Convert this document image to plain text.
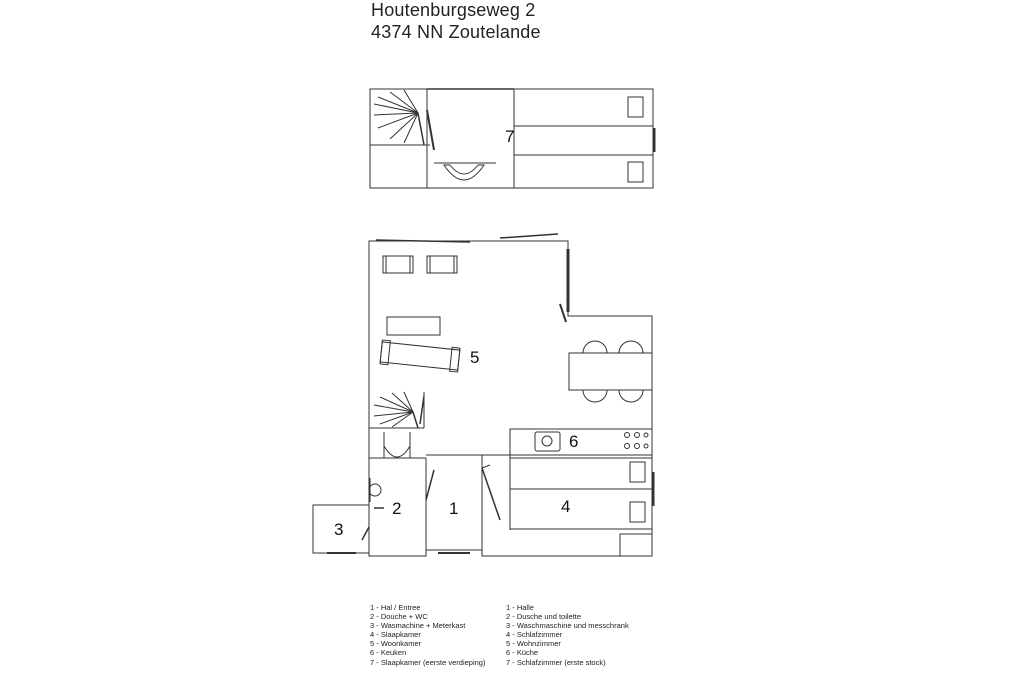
Houtenburgseweg 2
4374 NN Zoutelande
7
5
6
4
1
2
3
1 - Hal / Entree
2 - Douche + WC
3 - Wasmachine + Meterkast
4 - Slaapkamer
5 - Woonkamer
6 - Keuken
7 - Slaapkamer (eerste verdieping)
1 - Halle
2 - Dusche und toilette
3 - Waschmaschine und messchrank
4 - Schlafzimmer
5 - Wohnzimmer
6 - Küche
7 - Schlafzimmer (erste stock)
